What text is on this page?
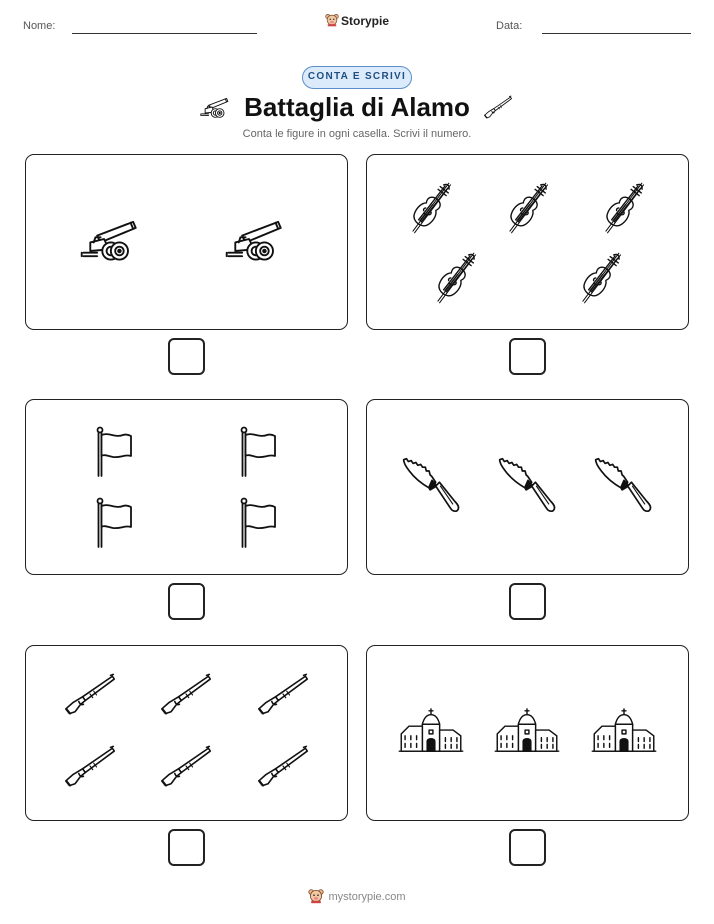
Nome:	Storypie	Data:
CONTA E SCRIVI
Battaglia di Alamo
Conta le figure in ogni casella. Scrivi il numero.
mystorypie.com
